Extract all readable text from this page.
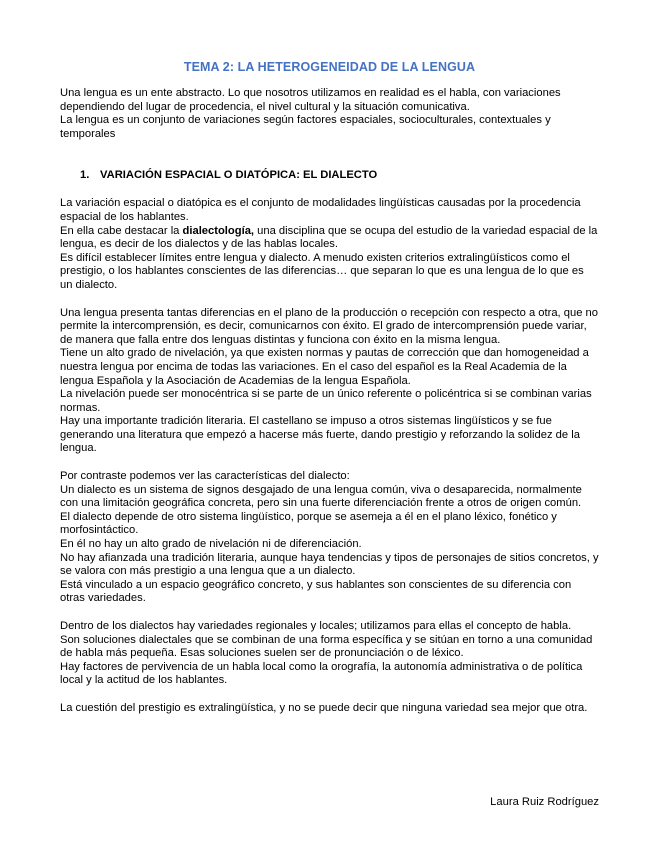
TEMA 2: LA HETEROGENEIDAD DE LA LENGUA

Una lengua es un ente abstracto. Lo que nosotros utilizamos en realidad es el habla, con variaciones dependiendo del lugar de procedencia, el nivel cultural y la situación comunicativa.
La lengua es un conjunto de variaciones según factores espaciales, socioculturales, contextuales y temporales

1. VARIACIÓN ESPACIAL O DIATÓPICA: EL DIALECTO

La variación espacial o diatópica es el conjunto de modalidades lingüísticas causadas por la procedencia espacial de los hablantes.
En ella cabe destacar la dialectología, una disciplina que se ocupa del estudio de la variedad espacial de la lengua, es decir de los dialectos y de las hablas locales.
Es difícil establecer límites entre lengua y dialecto. A menudo existen criterios extralingüísticos como el prestigio, o los hablantes conscientes de las diferencias… que separan lo que es una lengua de lo que es un dialecto.

Una lengua presenta tantas diferencias en el plano de la producción o recepción con respecto a otra, que no permite la intercomprensión, es decir, comunicarnos con éxito. El grado de intercomprensión puede variar, de manera que falla entre dos lenguas distintas y funciona con éxito en la misma lengua.
Tiene un alto grado de nivelación, ya que existen normas y pautas de corrección que dan homogeneidad a nuestra lengua por encima de todas las variaciones. En el caso del español es la Real Academia de la lengua Española y la Asociación de Academias de la lengua Española.
La nivelación puede ser monocéntrica si se parte de un único referente o policéntrica si se combinan varias normas.
Hay una importante tradición literaria. El castellano se impuso a otros sistemas lingüísticos y se fue generando una literatura que empezó a hacerse más fuerte, dando prestigio y reforzando la solidez de la lengua.

Por contraste podemos ver las características del dialecto:
Un dialecto es un sistema de signos desgajado de una lengua común, viva o desaparecida, normalmente con una limitación geográfica concreta, pero sin una fuerte diferenciación frente a otros de origen común.
El dialecto depende de otro sistema lingüístico, porque se asemeja a él en el plano léxico, fonético y morfosintáctico.
En él no hay un alto grado de nivelación ni de diferenciación.
No hay afianzada una tradición literaria, aunque haya tendencias y tipos de personajes de sitios concretos, y se valora con más prestigio a una lengua que a un dialecto.
Está vinculado a un espacio geográfico concreto, y sus hablantes son conscientes de su diferencia con otras variedades.

Dentro de los dialectos hay variedades regionales y locales; utilizamos para ellas el concepto de habla.
Son soluciones dialectales que se combinan de una forma específica y se sitúan en torno a una comunidad de habla más pequeña. Esas soluciones suelen ser de pronunciación o de léxico.
Hay factores de pervivencia de un habla local como la orografía, la autonomía administrativa o de política local y la actitud de los hablantes.

La cuestión del prestigio es extralingüística, y no se puede decir que ninguna variedad sea mejor que otra.

Laura Ruiz Rodríguez
